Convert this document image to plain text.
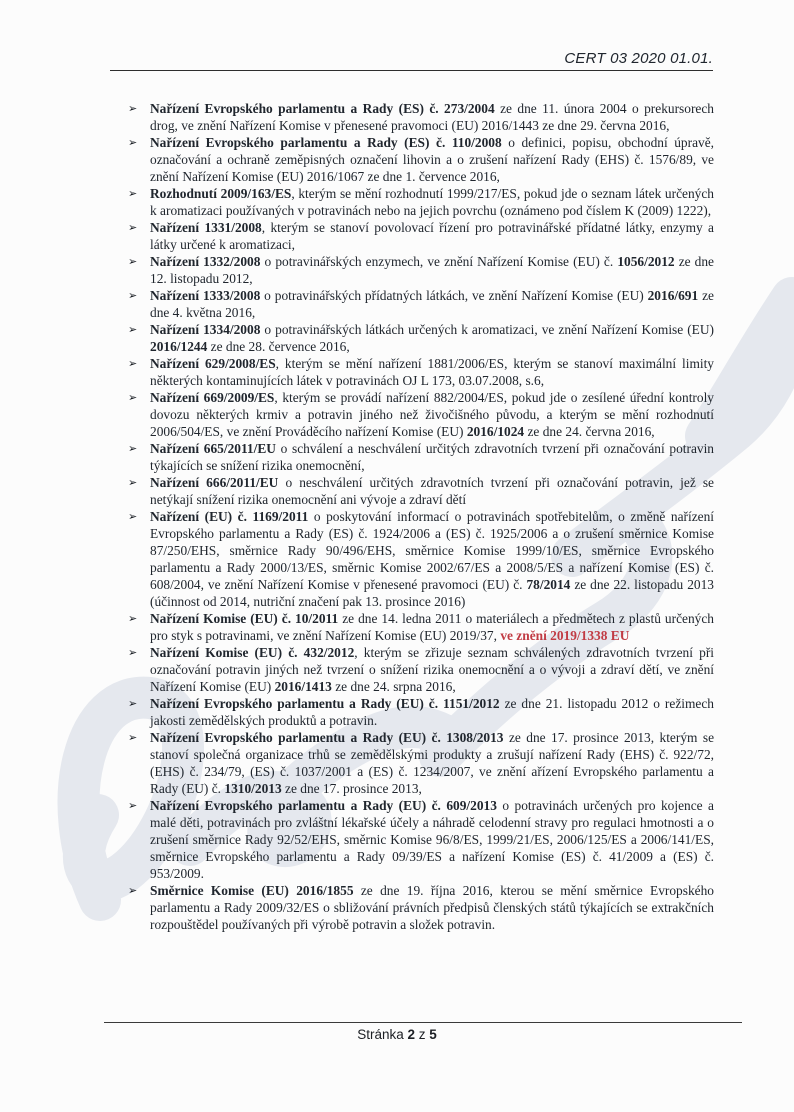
CERT 03 2020 01.01.
➢ Nařízení Evropského parlamentu a Rady (ES) č. 273/2004 ze dne 11. února 2004 o prekursorech drog, ve znění Nařízení Komise v přenesené pravomoci (EU) 2016/1443 ze dne 29. června 2016,
➢ Nařízení Evropského parlamentu a Rady (ES) č. 110/2008 o definici, popisu, obchodní úpravě, označování a ochraně zeměpisných označení lihovin a o zrušení nařízení Rady (EHS) č. 1576/89, ve znění Nařízení Komise (EU) 2016/1067 ze dne 1. července 2016,
➢ Rozhodnutí 2009/163/ES, kterým se mění rozhodnutí 1999/217/ES, pokud jde o seznam látek určených k aromatizaci používaných v potravinách nebo na jejich povrchu (oznámeno pod číslem K (2009) 1222),
➢ Nařízení 1331/2008, kterým se stanoví povolovací řízení pro potravinářské přídatné látky, enzymy a látky určené k aromatizaci,
➢ Nařízení 1332/2008 o potravinářských enzymech, ve znění Nařízení Komise (EU) č. 1056/2012 ze dne 12. listopadu 2012,
➢ Nařízení 1333/2008 o potravinářských přídatných látkách, ve znění Nařízení Komise (EU) 2016/691 ze dne 4. května 2016,
➢ Nařízení 1334/2008 o potravinářských látkách určených k aromatizaci, ve znění Nařízení Komise (EU) 2016/1244 ze dne 28. července 2016,
➢ Nařízení 629/2008/ES, kterým se mění nařízení 1881/2006/ES, kterým se stanoví maximální limity některých kontaminujících látek v potravinách OJ L 173, 03.07.2008, s.6,
➢ Nařízení 669/2009/ES, kterým se provádí nařízení 882/2004/ES, pokud jde o zesílené úřední kontroly dovozu některých krmiv a potravin jiného než živočišného původu, a kterým se mění rozhodnutí 2006/504/ES, ve znění Prováděcího nařízení Komise (EU) 2016/1024 ze dne 24. června 2016,
➢ Nařízení 665/2011/EU o schválení a neschválení určitých zdravotních tvrzení při označování potravin týkajících se snížení rizika onemocnění,
➢ Nařízení 666/2011/EU o neschválení určitých zdravotních tvrzení při označování potravin, jež se netýkají snížení rizika onemocnění ani vývoje a zdraví dětí
➢ Nařízení (EU) č. 1169/2011 o poskytování informací o potravinách spotřebitelům, o změně nařízení Evropského parlamentu a Rady (ES) č. 1924/2006 a (ES) č. 1925/2006 a o zrušení směrnice Komise 87/250/EHS, směrnice Rady 90/496/EHS, směrnice Komise 1999/10/ES, směrnice Evropského parlamentu a Rady 2000/13/ES, směrnic Komise 2002/67/ES a 2008/5/ES a nařízení Komise (ES) č. 608/2004, ve znění Nařízení Komise v přenesené pravomoci (EU) č. 78/2014 ze dne 22. listopadu 2013 (účinnost od 2014, nutriční značení pak 13. prosince 2016)
➢ Nařízení Komise (EU) č. 10/2011 ze dne 14. ledna 2011 o materiálech a předmětech z plastů určených pro styk s potravinami, ve znění Nařízení Komise (EU) 2019/37, ve znění 2019/1338 EU
➢ Nařízení Komise (EU) č. 432/2012, kterým se zřizuje seznam schválených zdravotních tvrzení při označování potravin jiných než tvrzení o snížení rizika onemocnění a o vývoji a zdraví dětí, ve znění Nařízení Komise (EU) 2016/1413 ze dne 24. srpna 2016,
➢ Nařízení Evropského parlamentu a Rady (EU) č. 1151/2012 ze dne 21. listopadu 2012 o režimech jakosti zemědělských produktů a potravin.
➢ Nařízení Evropského parlamentu a Rady (EU) č. 1308/2013 ze dne 17. prosince 2013, kterým se stanoví společná organizace trhů se zemědělskými produkty a zrušují nařízení Rady (EHS) č. 922/72, (EHS) č. 234/79, (ES) č. 1037/2001 a (ES) č. 1234/2007, ve znění ařízení Evropského parlamentu a Rady (EU) č. 1310/2013 ze dne 17. prosince 2013,
➢ Nařízení Evropského parlamentu a Rady (EU) č. 609/2013 o potravinách určených pro kojence a malé děti, potravinách pro zvláštní lékařské účely a náhradě celodenní stravy pro regulaci hmotnosti a o zrušení směrnice Rady 92/52/EHS, směrnic Komise 96/8/ES, 1999/21/ES, 2006/125/ES a 2006/141/ES, směrnice Evropského parlamentu a Rady 09/39/ES a nařízení Komise (ES) č. 41/2009 a (ES) č. 953/2009.
➢ Směrnice Komise (EU) 2016/1855 ze dne 19. října 2016, kterou se mění směrnice Evropského parlamentu a Rady 2009/32/ES o sbližování právních předpisů členských států týkajících se extrakčních rozpouštědel používaných při výrobě potravin a složek potravin.
Stránka 2 z 5
